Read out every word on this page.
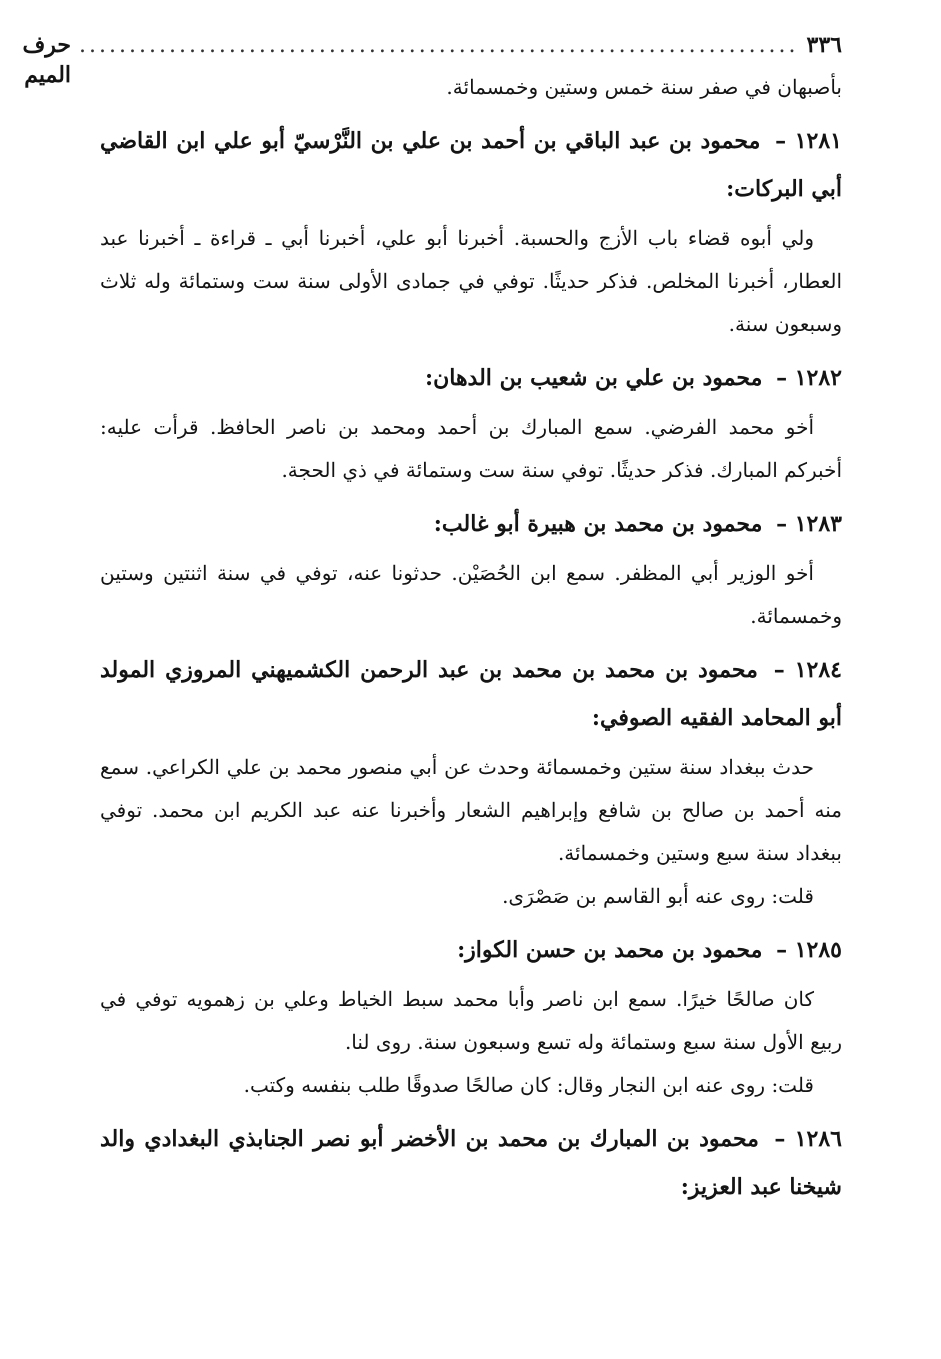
٣٣٦
........................................................................
حرف الميم	بأصبهان في صفر سنة خمس وستين وخمسمائة.

١٢٨١ – محمود بن عبد الباقي بن أحمد بن علي بن النَّرْسيّ أبو علي ابن القاضي أبي البركات:

ولي أبوه قضاء باب الأزج والحسبة. أخبرنا أبو علي، أخبرنا أبي ـ قراءة ـ أخبرنا عبد العطار، أخبرنا المخلص. فذكر حديثًا. توفي في جمادى الأولى سنة ست وستمائة وله ثلاث وسبعون سنة.

١٢٨٢ – محمود بن علي بن شعيب بن الدهان:

أخو محمد الفرضي. سمع المبارك بن أحمد ومحمد بن ناصر الحافظ. قرأت عليه: أخبركم المبارك. فذكر حديثًا. توفي سنة ست وستمائة في ذي الحجة.

١٢٨٣ – محمود بن محمد بن هبيرة أبو غالب:

أخو الوزير أبي المظفر. سمع ابن الحُصَيْن. حدثونا عنه، توفي في سنة اثنتين وستين وخمسمائة.

١٢٨٤ – محمود بن محمد بن محمد بن عبد الرحمن الكشميهني المروزي المولد أبو المحامد الفقيه الصوفي:

حدث ببغداد سنة ستين وخمسمائة وحدث عن أبي منصور محمد بن علي الكراعي. سمع منه أحمد بن صالح بن شافع وإبراهيم الشعار وأخبرنا عنه عبد الكريم ابن محمد. توفي ببغداد سنة سبع وستين وخمسمائة.

قلت: روى عنه أبو القاسم بن صَصْرَى.

١٢٨٥ – محمود بن محمد بن حسن الكواز:

كان صالحًا خيرًا. سمع ابن ناصر وأبا محمد سبط الخياط وعلي بن زهمويه توفي في ربيع الأول سنة سبع وستمائة وله تسع وسبعون سنة. روى لنا.

قلت: روى عنه ابن النجار وقال: كان صالحًا صدوقًا طلب بنفسه وكتب.

١٢٨٦ – محمود بن المبارك بن محمد بن الأخضر أبو نصر الجنابذي البغدادي والد شيخنا عبد العزيز:
